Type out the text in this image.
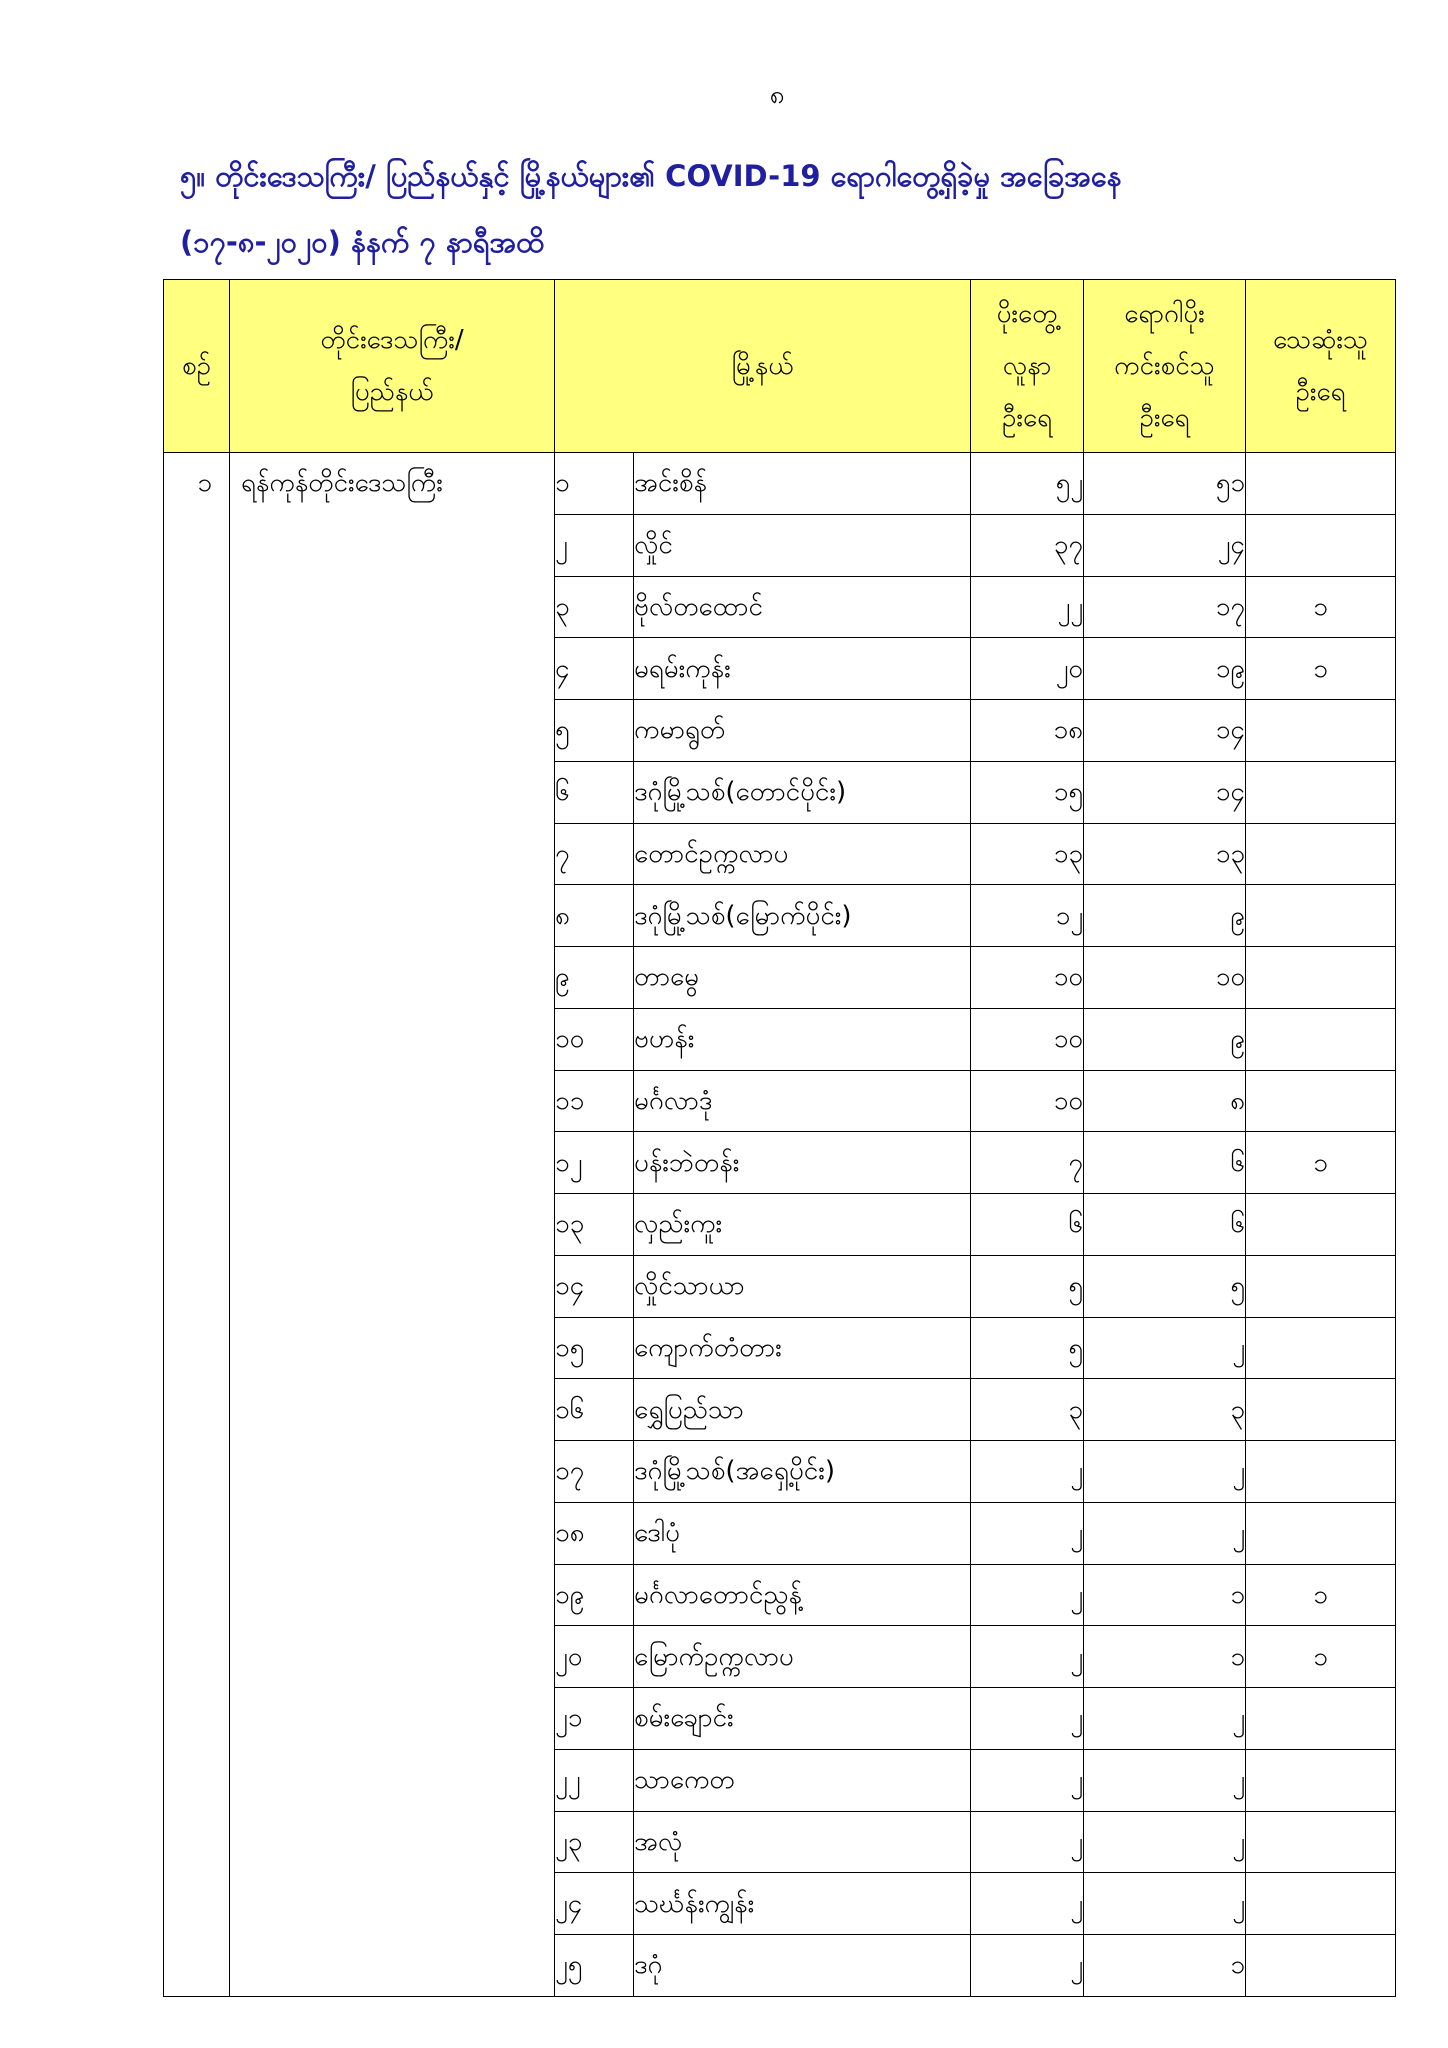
၈
၅။ တိုင်းဒေသကြီး/ ပြည်နယ်နှင့် မြို့နယ်များ၏ COVID-19 ရောဂါတွေ့ရှိခဲ့မှု အခြေအနေ
(၁၇-၈-၂၀၂၀) နံနက် ၇ နာရီအထိ
စဉ်	တိုင်းဒေသကြီး/
ပြည်နယ်	မြို့နယ်		ပိုးတွေ့
လူနာ
ဦးရေ	ရောဂါပိုး
ကင်းစင်သူ
ဦးရေ	သေဆုံးသူ
ဦးရေ

၁	ရန်ကုန်တိုင်းဒေသကြီး	၁	အင်းစိန်	၅၂	၅၁	
		၂	လှိုင်	၃၇	၂၄	
		၃	ဗိုလ်တထောင်	၂၂	၁၇	၁
		၄	မရမ်းကုန်း	၂၀	၁၉	၁
		၅	ကမာရွတ်	၁၈	၁၄	
		၆	ဒဂုံမြို့သစ်(တောင်ပိုင်း)	၁၅	၁၄	
		၇	တောင်ဥက္ကလာပ	၁၃	၁၃	
		၈	ဒဂုံမြို့သစ်(မြောက်ပိုင်း)	၁၂	၉	
		၉	တာမွေ	၁၀	၁၀	
		၁၀	ဗဟန်း	၁၀	၉	
		၁၁	မင်္ဂလာဒုံ	၁၀	၈	
		၁၂	ပန်းဘဲတန်း	၇	၆	၁
		၁၃	လှည်းကူး	၆	၆	
		၁၄	လှိုင်သာယာ	၅	၅	
		၁၅	ကျောက်တံတား	၅	၂	
		၁၆	ရွှေပြည်သာ	၃	၃	
		၁၇	ဒဂုံမြို့သစ်(အရှေ့ပိုင်း)	၂	၂	
		၁၈	ဒေါပုံ	၂	၂	
		၁၉	မင်္ဂလာတောင်ညွန့်	၂	၁	၁
		၂၀	မြောက်ဥက္ကလာပ	၂	၁	၁
		၂၁	စမ်းချောင်း	၂	၂	
		၂၂	သာကေတ	၂	၂	
		၂၃	အလုံ	၂	၂	
		၂၄	သင်္ဃန်းကျွန်း	၂	၂	
		၂၅	ဒဂုံ	၂	၁	
